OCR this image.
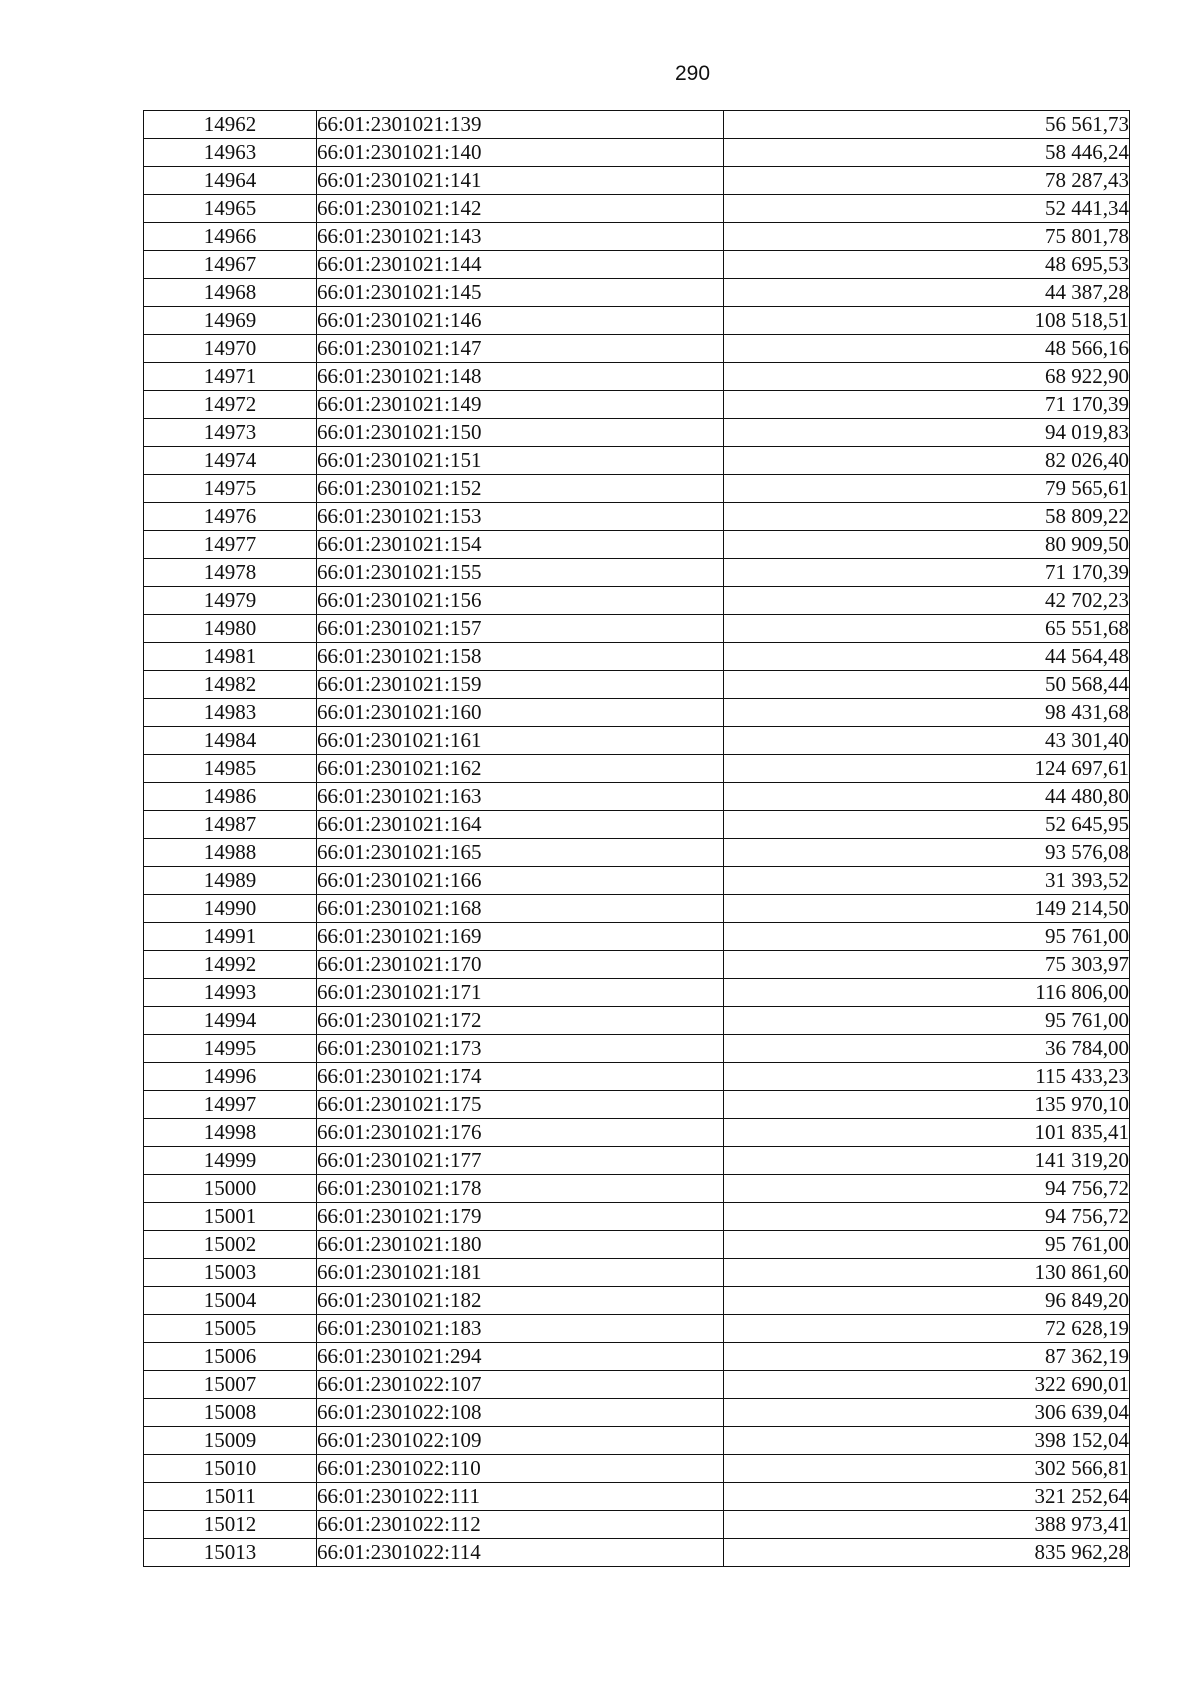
290
14962	66:01:2301021:139	56 561,73
14963	66:01:2301021:140	58 446,24
14964	66:01:2301021:141	78 287,43
14965	66:01:2301021:142	52 441,34
14966	66:01:2301021:143	75 801,78
14967	66:01:2301021:144	48 695,53
14968	66:01:2301021:145	44 387,28
14969	66:01:2301021:146	108 518,51
14970	66:01:2301021:147	48 566,16
14971	66:01:2301021:148	68 922,90
14972	66:01:2301021:149	71 170,39
14973	66:01:2301021:150	94 019,83
14974	66:01:2301021:151	82 026,40
14975	66:01:2301021:152	79 565,61
14976	66:01:2301021:153	58 809,22
14977	66:01:2301021:154	80 909,50
14978	66:01:2301021:155	71 170,39
14979	66:01:2301021:156	42 702,23
14980	66:01:2301021:157	65 551,68
14981	66:01:2301021:158	44 564,48
14982	66:01:2301021:159	50 568,44
14983	66:01:2301021:160	98 431,68
14984	66:01:2301021:161	43 301,40
14985	66:01:2301021:162	124 697,61
14986	66:01:2301021:163	44 480,80
14987	66:01:2301021:164	52 645,95
14988	66:01:2301021:165	93 576,08
14989	66:01:2301021:166	31 393,52
14990	66:01:2301021:168	149 214,50
14991	66:01:2301021:169	95 761,00
14992	66:01:2301021:170	75 303,97
14993	66:01:2301021:171	116 806,00
14994	66:01:2301021:172	95 761,00
14995	66:01:2301021:173	36 784,00
14996	66:01:2301021:174	115 433,23
14997	66:01:2301021:175	135 970,10
14998	66:01:2301021:176	101 835,41
14999	66:01:2301021:177	141 319,20
15000	66:01:2301021:178	94 756,72
15001	66:01:2301021:179	94 756,72
15002	66:01:2301021:180	95 761,00
15003	66:01:2301021:181	130 861,60
15004	66:01:2301021:182	96 849,20
15005	66:01:2301021:183	72 628,19
15006	66:01:2301021:294	87 362,19
15007	66:01:2301022:107	322 690,01
15008	66:01:2301022:108	306 639,04
15009	66:01:2301022:109	398 152,04
15010	66:01:2301022:110	302 566,81
15011	66:01:2301022:111	321 252,64
15012	66:01:2301022:112	388 973,41
15013	66:01:2301022:114	835 962,28
